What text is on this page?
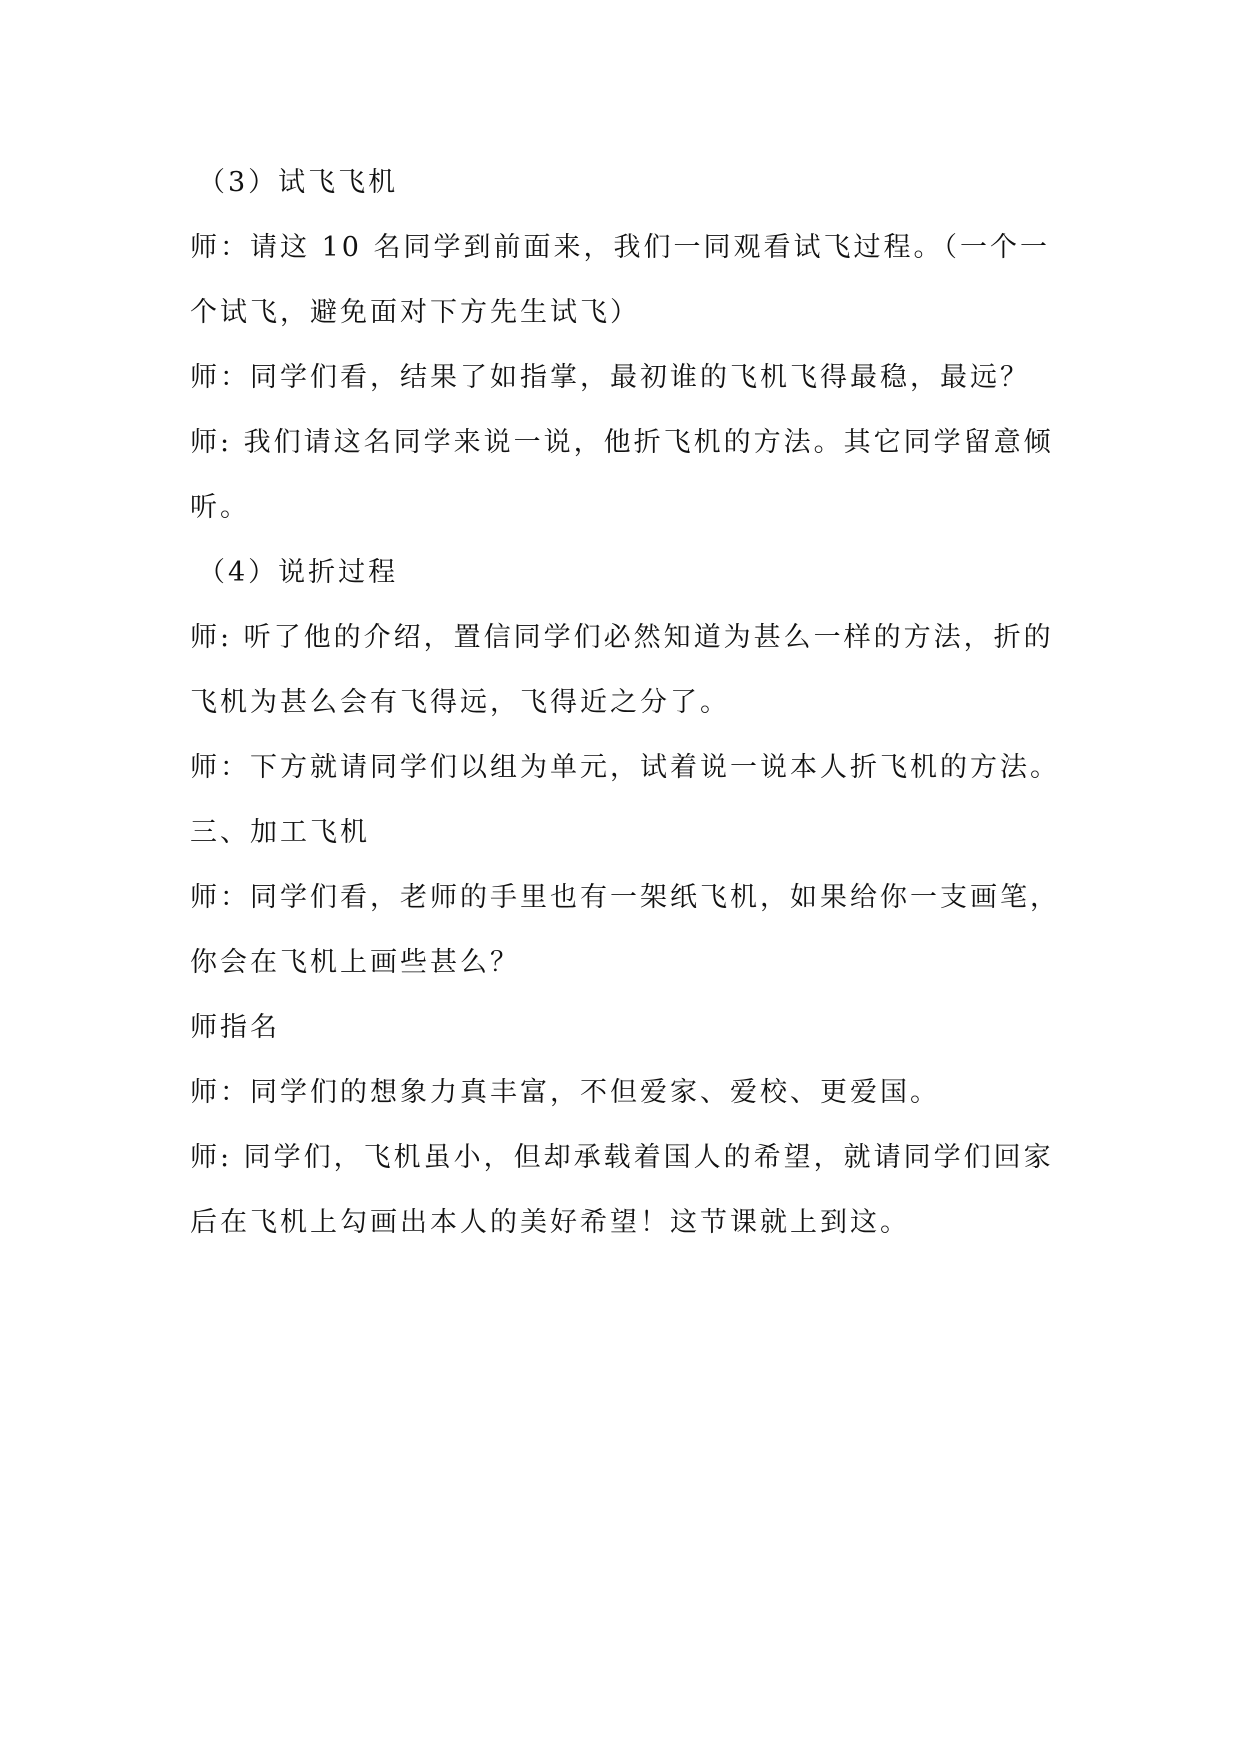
（3）试飞飞机
师：请这 10 名同学到前面来，我们一同观看试飞过程。（一个一
个试飞，避免面对下方先生试飞）
师：同学们看，结果了如指掌，最初谁的飞机飞得最稳，最远？
师: 我们请这名同学来说一说，他折飞机的方法。其它同学留意倾
听。
（4）说折过程
师: 听了他的介绍，置信同学们必然知道为甚么一样的方法，折的
飞机为甚么会有飞得远，飞得近之分了。
师：下方就请同学们以组为单元，试着说一说本人折飞机的方法。
三、加工飞机
师：同学们看，老师的手里也有一架纸飞机，如果给你一支画笔，
你会在飞机上画些甚么？
师指名
师：同学们的想象力真丰富，不但爱家、爱校、更爱国。
师: 同学们，飞机虽小，但却承载着国人的希望，就请同学们回家
后在飞机上勾画出本人的美好希望！这节课就上到这。
